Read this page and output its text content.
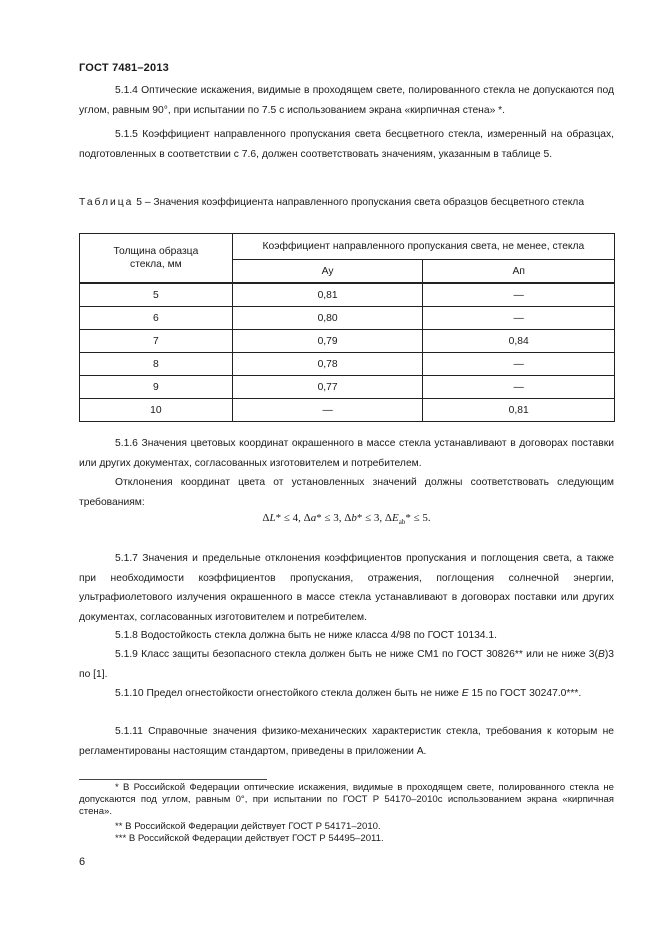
ГОСТ 7481–2013

5.1.4 Оптические искажения, видимые в проходящем свете, полированного стекла не допускаются под углом, равным 90°, при испытании по 7.5 с использованием экрана «кирпичная стена» *.

5.1.5 Коэффициент направленного пропускания света бесцветного стекла, измеренный на образцах, подготовленных в соответствии с 7.6, должен соответствовать значениям, указанным в таблице 5.

Таблица 5 – Значения коэффициента направленного пропускания света образцов бесцветного стекла

Толщина образца стекла, мм	Коэффициент направленного пропускания света, не менее, стекла	
	Ау	Ап
5	0,81	—
6	0,80	—
7	0,79	0,84
8	0,78	—
9	0,77	—
10	—	0,81

5.1.6 Значения цветовых координат окрашенного в массе стекла устанавливают в договорах поставки или других документах, согласованных изготовителем и потребителем.

Отклонения координат цвета от установленных значений должны соответствовать следующим требованиям:

ΔL* ≤ 4, Δa* ≤ 3, Δb* ≤ 3, $\Delta E_{ab}* \le 5$.

5.1.7 Значения и предельные отклонения коэффициентов пропускания и поглощения света, а также при необходимости коэффициентов пропускания, отражения, поглощения солнечной энергии, ультрафиолетового излучения окрашенного в массе стекла устанавливают в договорах поставки или других документах, согласованных изготовителем и потребителем.

5.1.8 Водостойкость стекла должна быть не ниже класса 4/98 по ГОСТ 10134.1.

5.1.9 Класс защиты безопасного стекла должен быть не ниже СМ1 по ГОСТ 30826** или не ниже 3(В)3 по [1].

5.1.10 Предел огнестойкости огнестойкого стекла должен быть не ниже Е 15 по ГОСТ 30247.0***.

5.1.11 Справочные значения физико-механических характеристик стекла, требования к которым не регламентированы настоящим стандартом, приведены в приложении А.

* В Российской Федерации оптические искажения, видимые в проходящем свете, полированного стекла не допускаются под углом, равным 0°, при испытании по ГОСТ Р 54170–2010с использованием экрана «кирпичная стена».

** В Российской Федерации действует ГОСТ Р 54171–2010.

*** В Российской Федерации действует ГОСТ Р 54495–2011.

6
